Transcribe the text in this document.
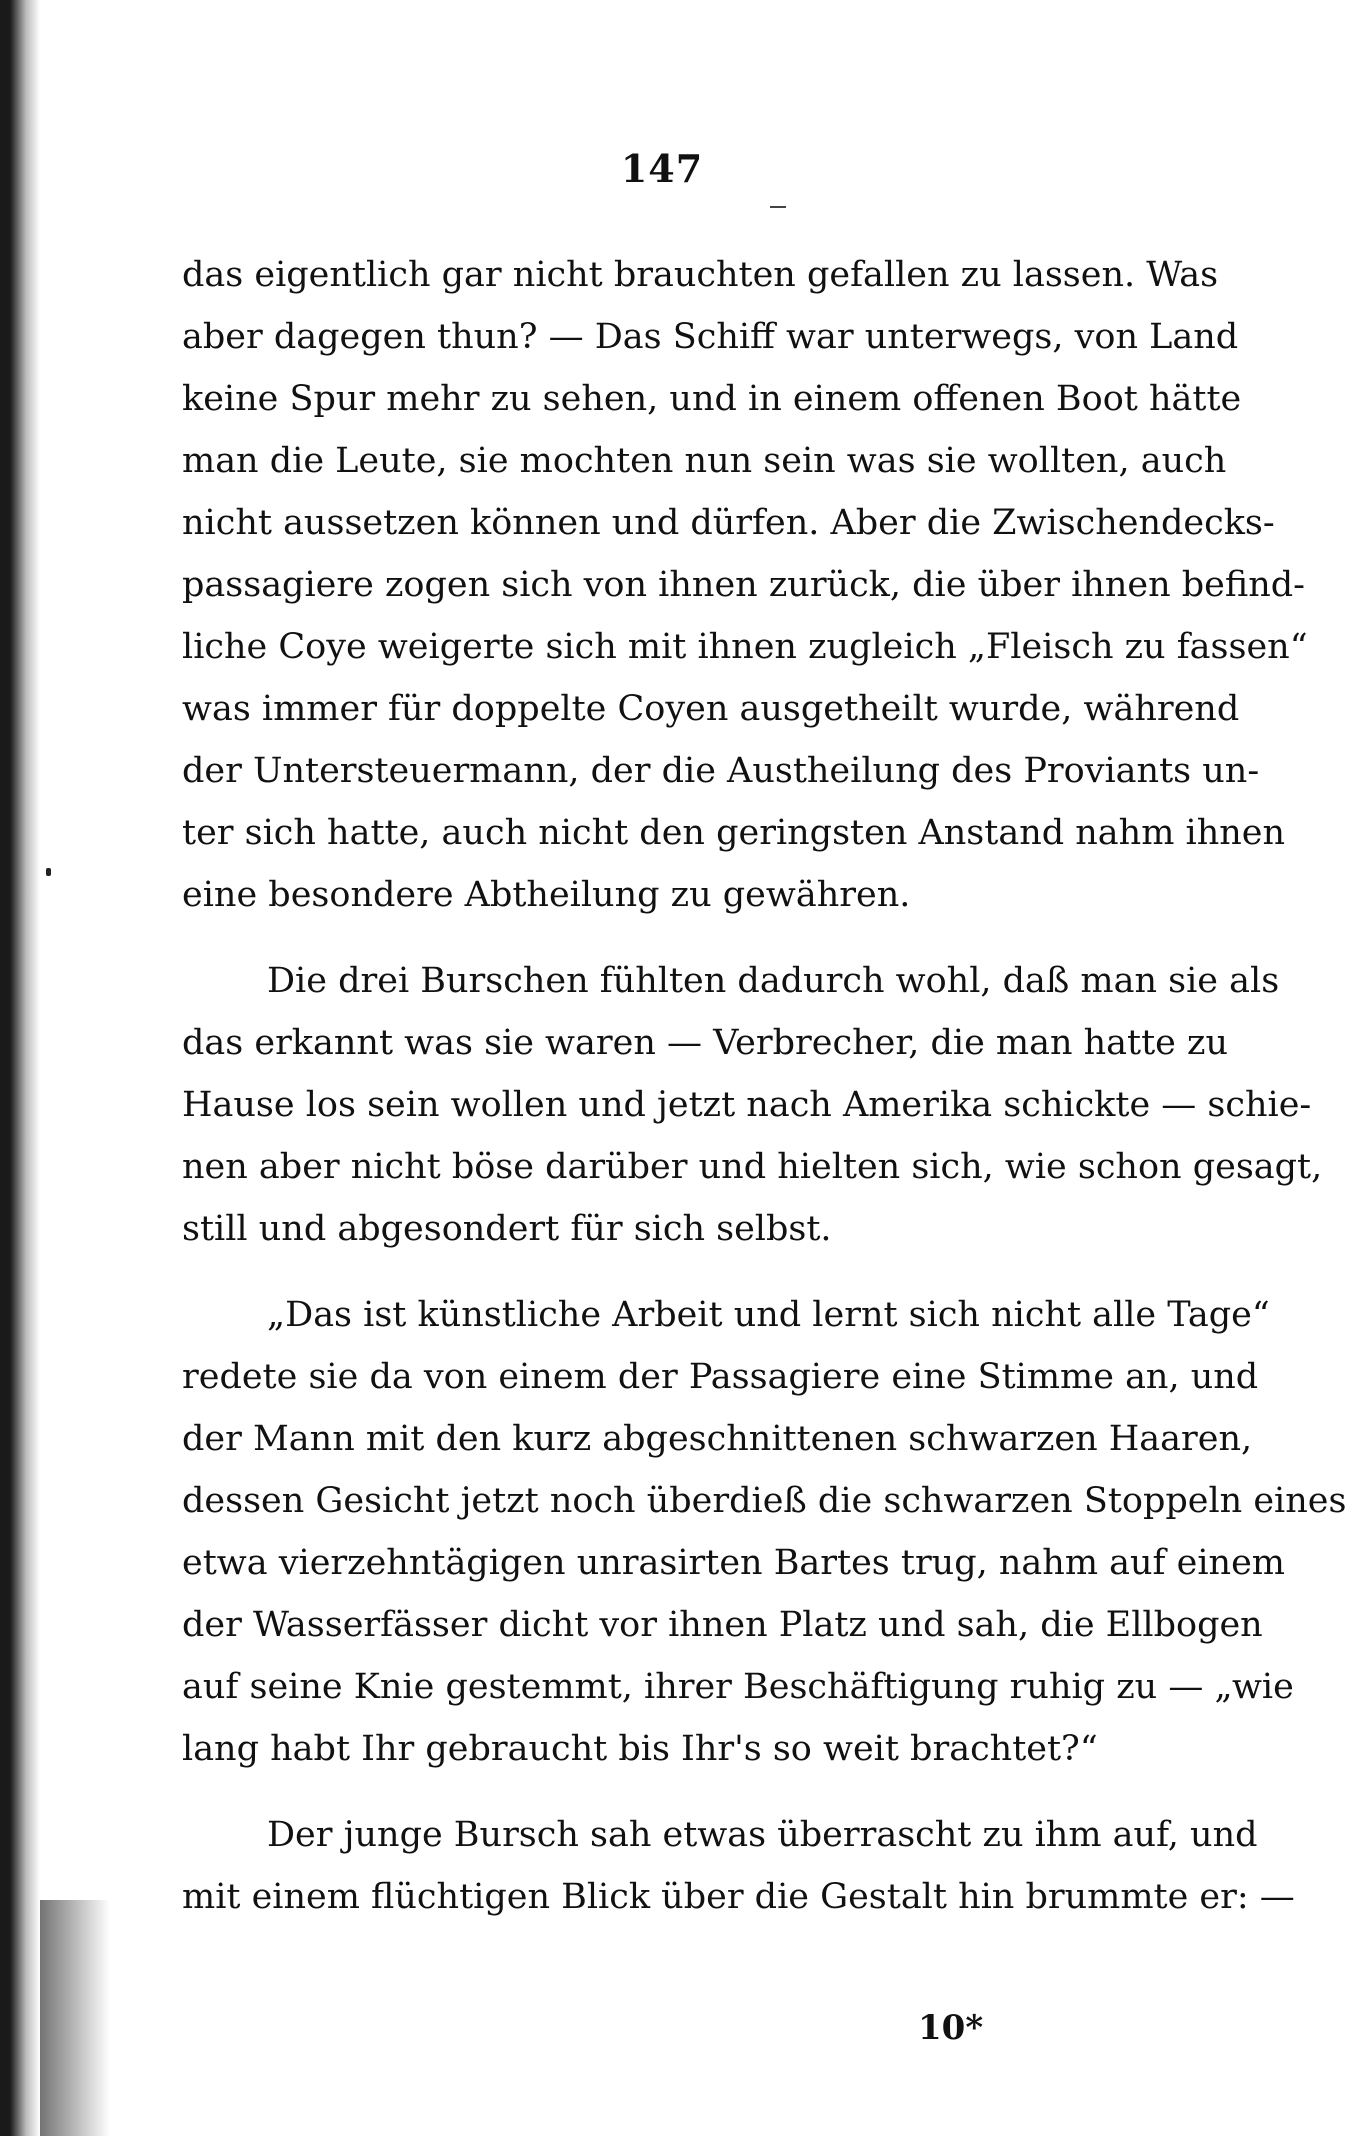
147
das eigentlich gar nicht brauchten gefallen zu lassen. Was
aber dagegen thun? — Das Schiff war unterwegs, von Land
keine Spur mehr zu sehen, und in einem offenen Boot hätte
man die Leute, sie mochten nun sein was sie wollten, auch
nicht aussetzen können und dürfen. Aber die Zwischendecks-
passagiere zogen sich von ihnen zurück, die über ihnen befind-
liche Coye weigerte sich mit ihnen zugleich „Fleisch zu fassen“
was immer für doppelte Coyen ausgetheilt wurde, während
der Untersteuermann, der die Austheilung des Proviants un-
ter sich hatte, auch nicht den geringsten Anstand nahm ihnen
eine besondere Abtheilung zu gewähren.
Die drei Burschen fühlten dadurch wohl, daß man sie als
das erkannt was sie waren — Verbrecher, die man hatte zu
Hause los sein wollen und jetzt nach Amerika schickte — schie-
nen aber nicht böse darüber und hielten sich, wie schon gesagt,
still und abgesondert für sich selbst.
„Das ist künstliche Arbeit und lernt sich nicht alle Tage“
redete sie da von einem der Passagiere eine Stimme an, und
der Mann mit den kurz abgeschnittenen schwarzen Haaren,
dessen Gesicht jetzt noch überdieß die schwarzen Stoppeln eines
etwa vierzehntägigen unrasirten Bartes trug, nahm auf einem
der Wasserfässer dicht vor ihnen Platz und sah, die Ellbogen
auf seine Knie gestemmt, ihrer Beschäftigung ruhig zu — „wie
lang habt Ihr gebraucht bis Ihr's so weit brachtet?“
Der junge Bursch sah etwas überrascht zu ihm auf, und
mit einem flüchtigen Blick über die Gestalt hin brummte er: —
10*
